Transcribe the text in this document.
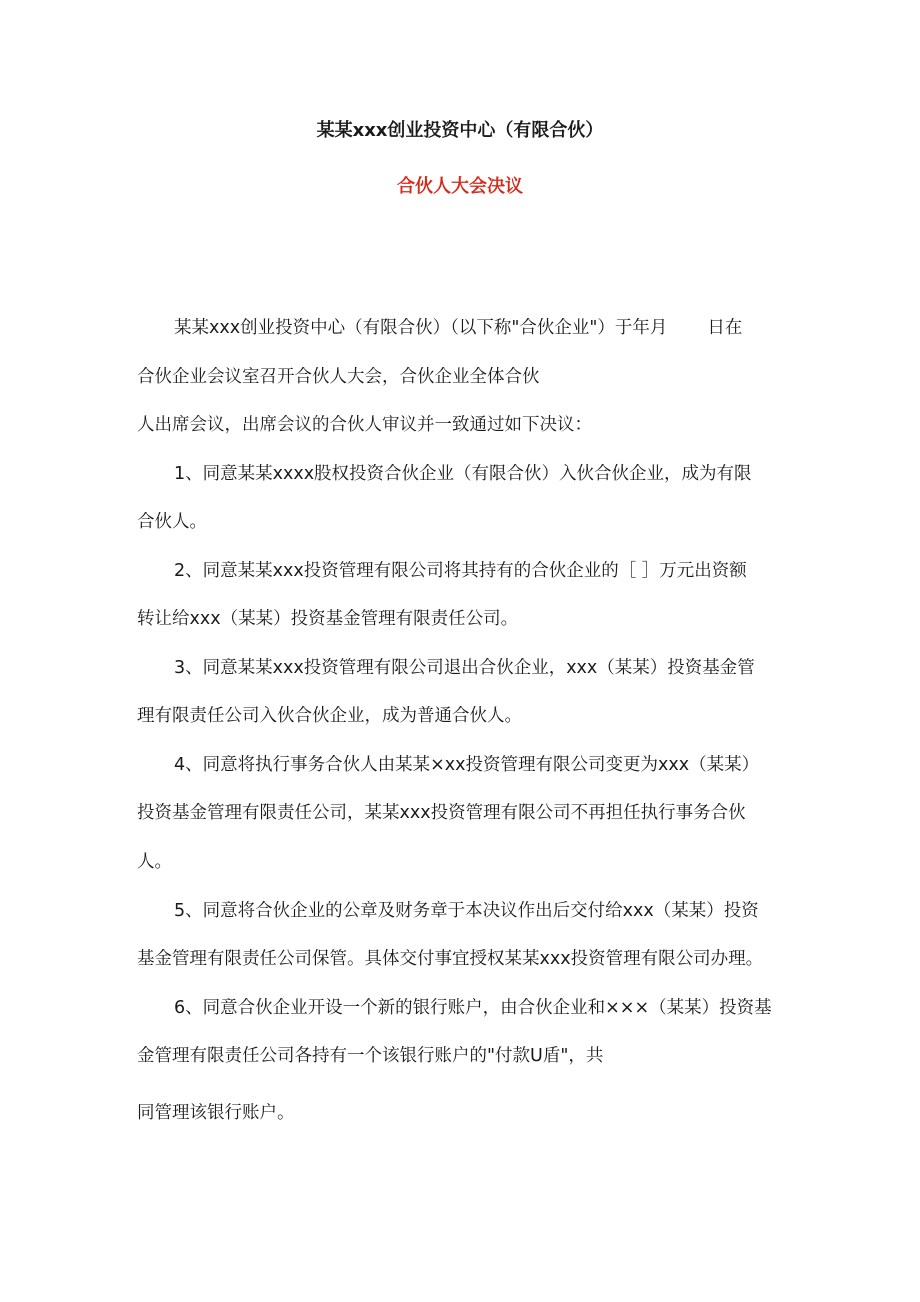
某某xxx创业投资中心（有限合伙）
合伙人大会决议
某某xxx创业投资中心（有限合伙）（以下称"合伙企业"）于年月 日在
合伙企业会议室召开合伙人大会，合伙企业全体合伙
人出席会议，出席会议的合伙人审议并一致通过如下决议：
1、同意某某xxxx股权投资合伙企业（有限合伙）入伙合伙企业，成为有限
合伙人。
2、同意某某xxx投资管理有限公司将其持有的合伙企业的［ ］万元出资额
转让给xxx（某某）投资基金管理有限责任公司。
3、同意某某xxx投资管理有限公司退出合伙企业，xxx（某某）投资基金管
理有限责任公司入伙合伙企业，成为普通合伙人。
4、同意将执行事务合伙人由某某×xx投资管理有限公司变更为xxx（某某）
投资基金管理有限责任公司，某某xxx投资管理有限公司不再担任执行事务合伙
人。
5、同意将合伙企业的公章及财务章于本决议作出后交付给xxx（某某）投资
基金管理有限责任公司保管。具体交付事宜授权某某xxx投资管理有限公司办理。
6、同意合伙企业开设一个新的银行账户，由合伙企业和×××（某某）投资基
金管理有限责任公司各持有一个该银行账户的"付款U盾"，共
同管理该银行账户。
